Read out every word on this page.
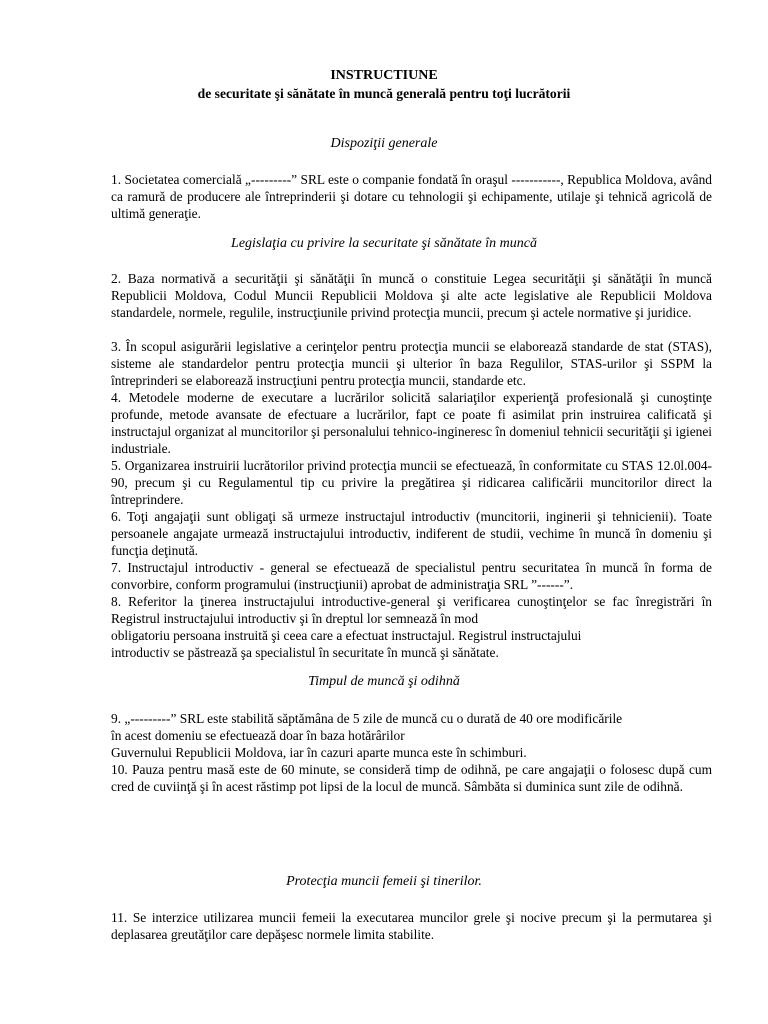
INSTRUCTIUNE
de securitate şi sănătate în muncă generală pentru toţi lucrătorii
Dispoziţii generale

1. Societatea comercială „---------” SRL este o companie fondată în oraşul -----------, Republica Moldova, având ca ramură de producere ale întreprinderii şi dotare cu tehnologii şi echipamente, utilaje şi tehnică agricolă de ultimă generaţie.

Legislaţia cu privire la securitate şi sănătate în muncă

2. Baza normativă a securităţii şi sănătăţii în muncă o constituie Legea securităţii şi sănătăţii în muncă Republicii Moldova, Codul Muncii Republicii Moldova şi alte acte legislative ale Republicii Moldova standardele, normele, regulile, instrucţiunile privind protecţia muncii, precum şi actele normative şi juridice.

3. În scopul asigurării legislative a cerinţelor pentru protecţia muncii se elaborează standarde de stat (STAS), sisteme ale standardelor pentru protecţia muncii şi ulterior în baza Regulilor, STAS-urilor şi SSPM la întreprinderi se elaborează instrucţiuni pentru protecţia muncii, standarde etc.

4. Metodele moderne de executare a lucrărilor solicită salariaţilor experienţă profesională şi cunoştinţe profunde, metode avansate de efectuare a lucrărilor, fapt ce poate fi asimilat prin instruirea calificată şi instructajul organizat al muncitorilor şi personalului tehnico-ingineresc în domeniul tehnicii securităţii şi igienei industriale.

5. Organizarea instruirii lucrătorilor privind protecţia muncii se efectuează, în conformitate cu STAS 12.0l.004-90, precum şi cu Regulamentul tip cu privire la pregătirea şi ridicarea calificării muncitorilor direct la întreprindere.

6. Toţi angajaţii sunt obligaţi să urmeze instructajul introductiv (muncitorii, inginerii şi tehnicienii). Toate persoanele angajate urmează instructajului introductiv, indiferent de studii, vechime în muncă în domeniu şi funcţia deţinută.

7. Instructajul introductiv - general se efectuează de specialistul pentru securitatea în muncă în forma de convorbire, conform programului (instrucţiunii) aprobat de administraţia SRL ”------”.

8. Referitor la ţinerea instructajului introductive-general şi verificarea cunoştinţelor se fac înregistrări în Registrul instructajului introductiv şi în dreptul lor semnează în mod

obligatoriu persoana instruită şi ceea care a efectuat instructajul. Registrul instructajului

introductiv se păstrează şa specialistul în securitate în muncă şi sănătate.

Timpul de muncă şi odihnă

9. „---------” SRL este stabilită săptămâna de 5 zile de muncă cu o durată de 40 ore modificările

în acest domeniu se efectuează doar în baza hotărârilor

Guvernului Republicii Moldova, iar în cazuri aparte munca este în schimburi.

10. Pauza pentru masă este de 60 minute, se consideră timp de odihnă, pe care angajaţii o folosesc după cum cred de cuviinţă şi în acest răstimp pot lipsi de la locul de muncă. Sâmbăta si duminica sunt zile de odihnă.

Protecţia muncii femeii şi tinerilor.

11. Se interzice utilizarea muncii femeii la executarea muncilor grele şi nocive precum şi la permutarea şi deplasarea greutăţilor care depăşesc normele limita stabilite.
